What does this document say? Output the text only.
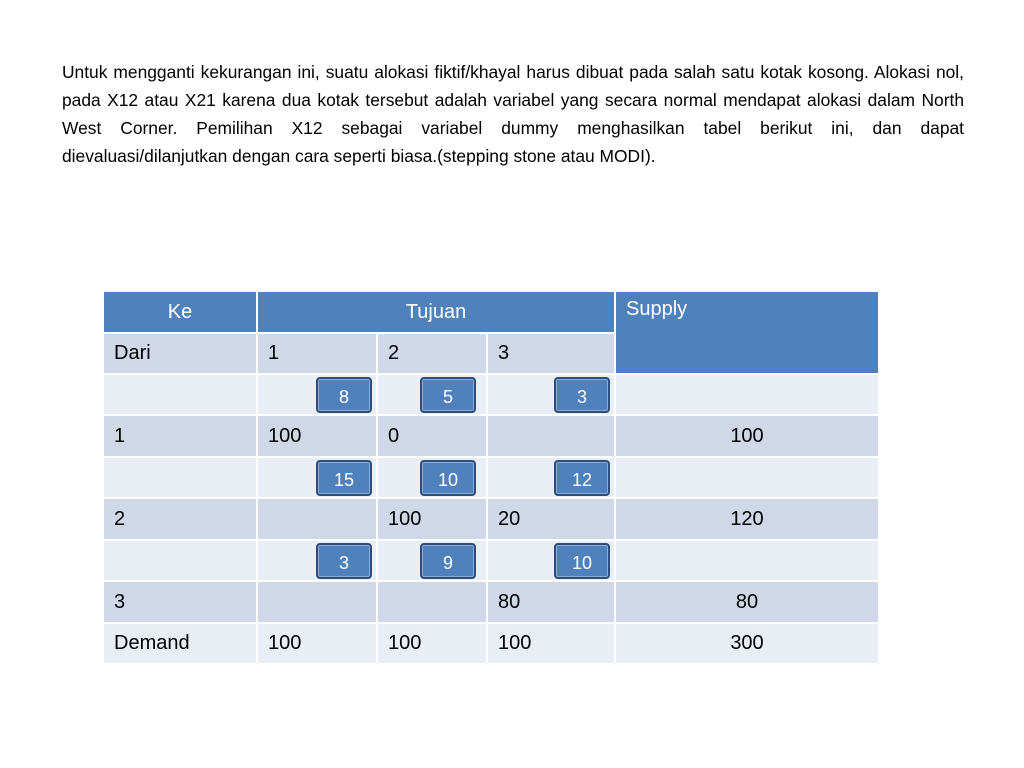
Untuk mengganti kekurangan ini, suatu alokasi fiktif/khayal harus dibuat pada salah satu kotak kosong. Alokasi nol, pada X12 atau X21 karena dua kotak tersebut adalah variabel yang secara normal mendapat alokasi dalam North West Corner. Pemilihan X12 sebagai variabel dummy menghasilkan tabel berikut ini, dan dapat dievaluasi/dilanjutkan dengan cara seperti biasa.(stepping stone atau MODI).
Ke	Tujuan			Supply
Dari	1	2	3	

	8	5	3	

1	100	0		100

	15	10	12	

2		100	20	120

	3	9	10	

3			80	80
Demand	100	100	100	300
